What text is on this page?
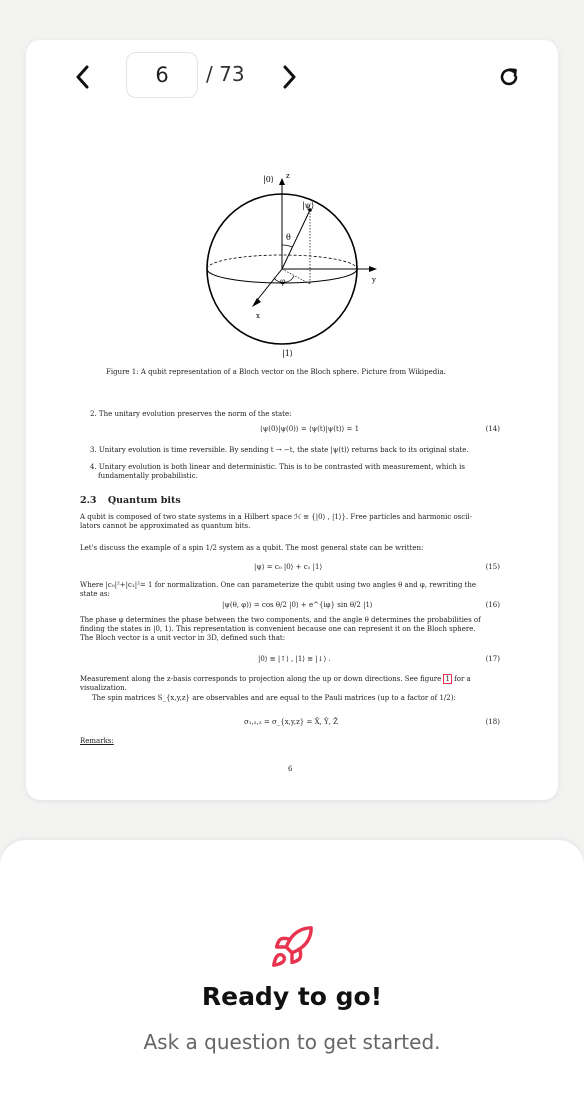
6
/ 73
|0⟩ z
|ψ⟩
θ
φ	y
x
|1⟩
Figure 1: A qubit representation of a Bloch vector on the Bloch sphere. Picture from Wikipedia.
2. The unitary evolution preserves the norm of the state:
⟨ψ(0)|ψ(0)⟩ = ⟨ψ(t)|ψ(t)⟩ = 1	(14)
3. Unitary evolution is time reversible. By sending t → −t, the state |ψ(t)⟩ returns back to its original state.
4. Unitary evolution is both linear and deterministic. This is to be contrasted with measurement, which is
fundamentally probabilistic.
2.3 Quantum bits
A qubit is composed of two state systems in a Hilbert space ℋ ≡ {|0⟩ , |1⟩}. Free particles and harmonic oscil-
lators cannot be approximated as quantum bits.
Let's discuss the example of a spin 1/2 system as a qubit. The most general state can be written:
|ψ⟩ = c₀ |0⟩ + c₁ |1⟩	(15)
Where |c₀|²+|c₁|²= 1 for normalization. One can parameterize the qubit using two angles θ and φ, rewriting the
state as:
|ψ(θ, φ)⟩ = cos θ/2 |0⟩ + e^{iφ} sin θ/2 |1⟩	(16)
The phase φ determines the phase between the two components, and the angle θ determines the probabilities of
finding the states in |0, 1⟩. This representation is convenient because one can represent it on the Bloch sphere.
The Bloch vector is a unit vector in 3D, defined such that:
|0⟩ ≡ |↑⟩ , |1⟩ ≡ |↓⟩ .	(17)
Measurement along the z-basis corresponds to projection along the up or down directions. See figure 1 for a
visualization.
The spin matrices S_{x,y,z} are observables and are equal to the Pauli matrices (up to a factor of 1/2):
σ₁,₂,₃ = σ_{x,y,z} = X̂, Ŷ, Ẑ	(18)
Remarks:
6
Ready to go!
Ask a question to get started.
